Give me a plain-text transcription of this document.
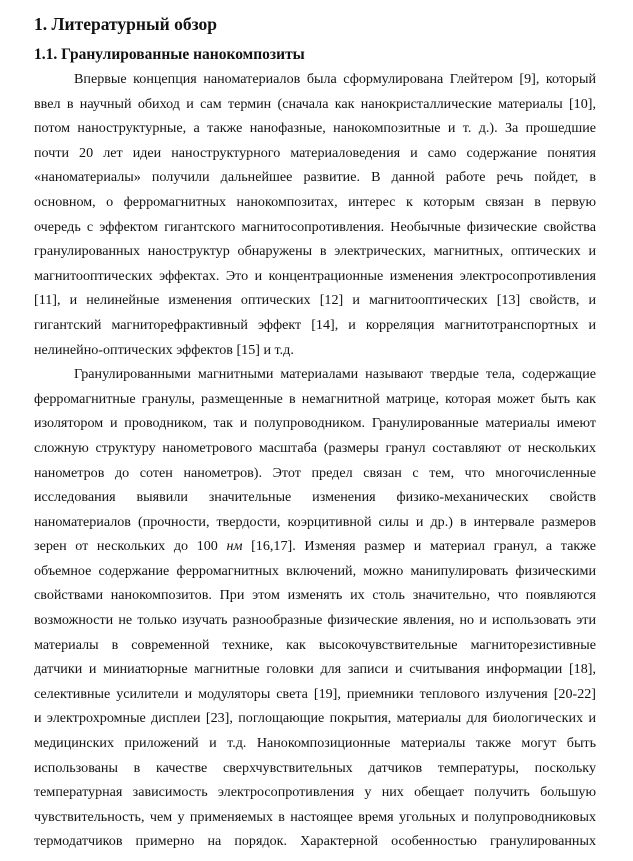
1. Литературный обзор
1.1. Гранулированные нанокомпозиты
Впервые концепция наноматериалов была сформулирована Глейтером [9], который
ввел в научный обиход и сам термин (сначала как нанокристаллические материалы [10],
потом наноструктурные, а также нанофазные, нанокомпозитные и т. д.). За прошедшие
почти 20 лет идеи наноструктурного материаловедения и само содержание понятия
«наноматериалы» получили дальнейшее развитие. В данной работе речь пойдет, в
основном, о ферромагнитных нанокомпозитах, интерес к которым связан в первую
очередь с эффектом гигантского магнитосопротивления. Необычные физические свойства
гранулированных наноструктур обнаружены в электрических, магнитных, оптических и
магнитооптических эффектах. Это и концентрационные изменения электросопротивления
[11], и нелинейные изменения оптических [12] и магнитооптических [13] свойств, и
гигантский магниторефрактивный эффект [14], и корреляция магнитотранспортных и
нелинейно-оптических эффектов [15] и т.д.
Гранулированными магнитными материалами называют твердые тела, содержащие
ферромагнитные гранулы, размещенные в немагнитной матрице, которая может быть как
изолятором и проводником, так и полупроводником. Гранулированные материалы имеют
сложную структуру нанометрового масштаба (размеры гранул составляют от нескольких
нанометров до сотен нанометров). Этот предел связан с тем, что многочисленные
исследования выявили значительные изменения физико-механических свойств
наноматериалов (прочности, твердости, коэрцитивной силы и др.) в интервале размеров
зерен от нескольких до 100 нм [16,17]. Изменяя размер и материал гранул, а также
объемное содержание ферромагнитных включений, можно манипулировать физическими
свойствами нанокомпозитов. При этом изменять их столь значительно, что появляются
возможности не только изучать разнообразные физические явления, но и использовать эти
материалы в современной технике, как высокочувствительные магниторезистивные
датчики и миниатюрные магнитные головки для записи и считывания информации [18],
селективные усилители и модуляторы света [19], приемники теплового излучения [20-22]
и электрохромные дисплеи [23], поглощающие покрытия, материалы для биологических и
медицинских приложений и т.д. Нанокомпозиционные материалы также могут быть
использованы в качестве сверхчувствительных датчиков температуры, поскольку
температурная зависимость электросопротивления у них обещает получить большую
чувствительность, чем у применяемых в настоящее время угольных и полупроводниковых
термодатчиков примерно на порядок. Характерной особенностью гранулированных
